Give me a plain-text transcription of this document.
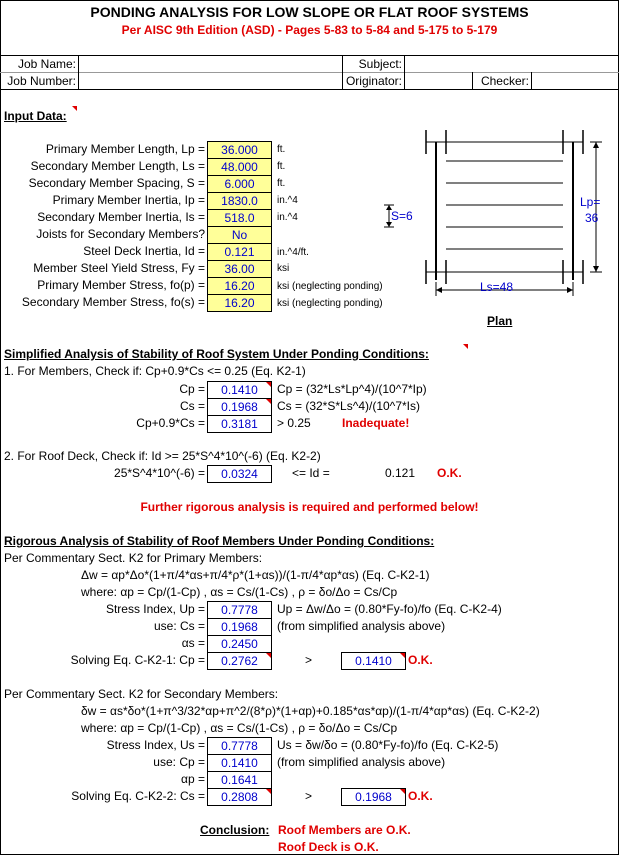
PONDING ANALYSIS FOR LOW SLOPE OR FLAT ROOF SYSTEMS
Per AISC 9th Edition (ASD) - Pages 5-83 to 5-84 and 5-175 to 5-179
Job Name:	Subject:
Job Number:	Originator:	Checker:
Input Data:
Primary Member Length, Lp =	36.000	ft.
Secondary Member Length, Ls =	48.000	ft.
Secondary Member Spacing, S =	6.000	ft.
Primary Member Inertia, Ip =	1830.0	in.^4
Secondary Member Inertia, Is =	518.0	in.^4
Joists for Secondary Members?	No
Steel Deck Inertia, Id =	0.121	in.^4/ft.
Member Steel Yield Stress, Fy =	36.00	ksi
Primary Member Stress, fo(p) =	16.20	ksi (neglecting ponding)
Secondary Member Stress, fo(s) =	16.20	ksi (neglecting ponding)
S=6
Lp=
36
Ls=48
Plan
Simplified Analysis of Stability of Roof System Under Ponding Conditions:
1. For Members, Check if: Cp+0.9*Cs <= 0.25 (Eq. K2-1)
Cp =	0.1410	Cp = (32*Ls*Lp^4)/(10^7*Ip)
Cs =	0.1968	Cs = (32*S*Ls^4)/(10^7*Is)
Cp+0.9*Cs =	0.3181	> 0.25	Inadequate!
2. For Roof Deck, Check if: Id >= 25*S^4*10^(-6) (Eq. K2-2)
25*S^4*10^(-6) =	0.0324	<= Id =	0.121 O.K.
Further rigorous analysis is required and performed below!
Rigorous Analysis of Stability of Roof Members Under Ponding Conditions:
Per Commentary Sect. K2 for Primary Members:
Δw = αp*Δo*(1+π/4*αs+π/4*ρ*(1+αs))/(1-π/4*αp*αs) (Eq. C-K2-1)
where: αp = Cp/(1-Cp) , αs = Cs/(1-Cs) , ρ = δo/Δo = Cs/Cp
Stress Index, Up =	0.7778	Up = Δw/Δo = (0.80*Fy-fo)/fo (Eq. C-K2-4)
use: Cs =	0.1968	(from simplified analysis above)
αs =	0.2450
Solving Eq. C-K2-1: Cp =	0.2762	>	0.1410	O.K.
Per Commentary Sect. K2 for Secondary Members:
δw = αs*δo*(1+π^3/32*αp+π^2/(8*ρ)*(1+αp)+0.185*αs*αp)/(1-π/4*αp*αs) (Eq. C-K2-2)
where: αp = Cp/(1-Cp) , αs = Cs/(1-Cs) , ρ = δo/Δo = Cs/Cp
Stress Index, Us =	0.7778	Us = δw/δo = (0.80*Fy-fo)/fo (Eq. C-K2-5)
use: Cp =	0.1410	(from simplified analysis above)
αp =	0.1641
Solving Eq. C-K2-2: Cs =	0.2808	>	0.1968	O.K.
Conclusion: Roof Members are O.K.
Roof Deck is O.K.
